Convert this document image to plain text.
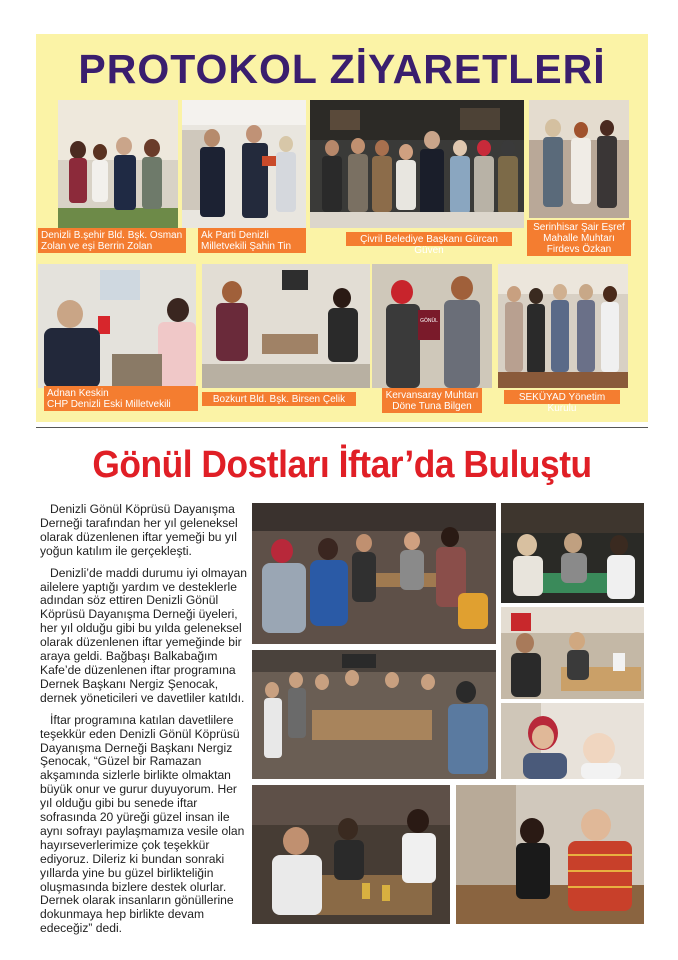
PROTOKOL ZİYARETLERİ
Denizli B.şehir Bld. Bşk. Osman
Zolan ve eşi Berrin Zolan
Ak Parti Denizli
Milletvekili Şahin Tin
Çivril Belediye Başkanı Gürcan Güven
Serinhisar Şair Eşref
Mahalle Muhtarı
Firdevs Özkan
GÖNÜL
Adnan Keskin
CHP Denizli Eski Milletvekili	Bozkurt Bld. Bşk. Birsen Çelik	Kervansaray Muhtarı
Döne Tuna Bilgen
SEKÜYAD Yönetim Kurulu
Gönül Dostları İftar’da Buluştu

Denizli Gönül Köprüsü Dayanışma Derneği tarafından her yıl geleneksel olarak düzenlenen iftar yemeği bu yıl yoğun katılım ile gerçekleşti.

Denizli’de maddi durumu iyi olmayan ailelere yaptığı yardım ve desteklerle adından söz ettiren Denizli Gönül Köprüsü Dayanışma Derneği üyeleri, her yıl olduğu gibi bu yılda geleneksel olarak düzenlenen iftar yemeğinde bir araya geldi. Bağbaşı Balkabağım Kafe’de düzenlenen iftar programına Dernek Başkanı Nergiz Şenocak, dernek yöneticileri ve davetliler katıldı.

İftar programına katılan davetlilere teşekkür eden Denizli Gönül Köprüsü Dayanışma Derneği Başkanı Nergiz Şenocak, “Güzel bir Ramazan akşamında sizlerle birlikte olmaktan büyük onur ve gurur duyuyorum. Her yıl olduğu gibi bu senede iftar sofrasında 20 yüreği güzel insan ile aynı sofrayı paylaşmamıza vesile olan hayırseverlerimize çok teşekkür ediyoruz. Dileriz ki bundan sonraki yıllarda yine bu güzel birlikteliğin oluşmasında bizlere destek olurlar. Dernek olarak insanların gönüllerine dokunmaya hep birlikte devam edeceğiz” dedi.
